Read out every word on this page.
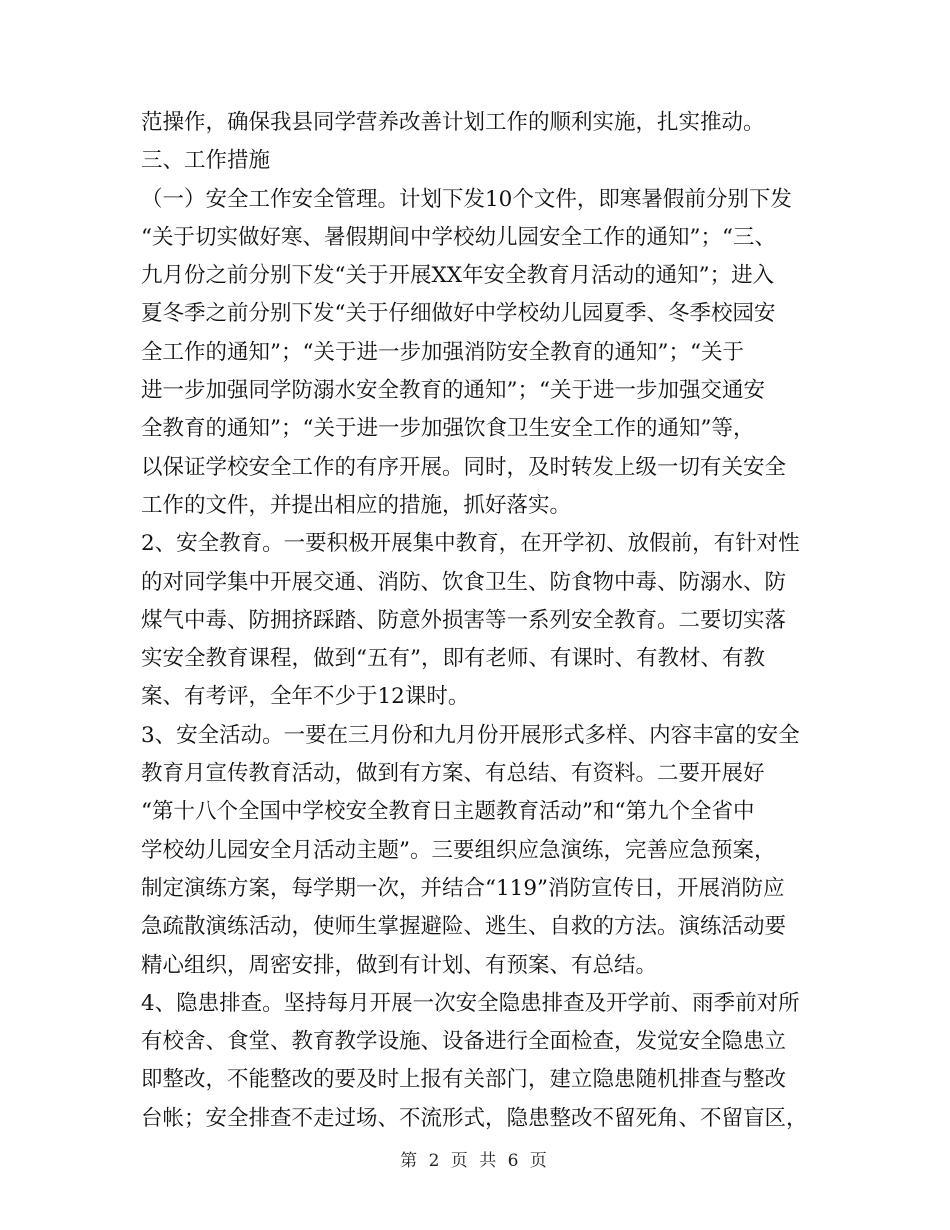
范操作，确保我县同学营养改善计划工作的顺利实施，扎实推动。

三、工作措施

（一）安全工作安全管理。计划下发10个文件，即寒暑假前分别下发

“关于切实做好寒、暑假期间中学校幼儿园安全工作的通知”；“三、

九月份之前分别下发“关于开展XX年安全教育月活动的通知”；进入

夏冬季之前分别下发“关于仔细做好中学校幼儿园夏季、冬季校园安

全工作的通知”；“关于进一步加强消防安全教育的通知”；“关于

进一步加强同学防溺水安全教育的通知”；“关于进一步加强交通安

全教育的通知”；“关于进一步加强饮食卫生安全工作的通知”等，

以保证学校安全工作的有序开展。同时，及时转发上级一切有关安全

工作的文件，并提出相应的措施，抓好落实。

2、安全教育。一要积极开展集中教育，在开学初、放假前，有针对性

的对同学集中开展交通、消防、饮食卫生、防食物中毒、防溺水、防

煤气中毒、防拥挤踩踏、防意外损害等一系列安全教育。二要切实落

实安全教育课程，做到“五有”，即有老师、有课时、有教材、有教

案、有考评，全年不少于12课时。

3、安全活动。一要在三月份和九月份开展形式多样、内容丰富的安全

教育月宣传教育活动，做到有方案、有总结、有资料。二要开展好

“第十八个全国中学校安全教育日主题教育活动”和“第九个全省中

学校幼儿园安全月活动主题”。三要组织应急演练，完善应急预案，

制定演练方案，每学期一次，并结合“119”消防宣传日，开展消防应

急疏散演练活动，使师生掌握避险、逃生、自救的方法。演练活动要

精心组织，周密安排，做到有计划、有预案、有总结。

4、隐患排查。坚持每月开展一次安全隐患排查及开学前、雨季前对所

有校舍、食堂、教育教学设施、设备进行全面检查，发觉安全隐患立

即整改，不能整改的要及时上报有关部门，建立隐患随机排查与整改

台帐；安全排查不走过场、不流形式，隐患整改不留死角、不留盲区，

第 2 页 共 6 页
